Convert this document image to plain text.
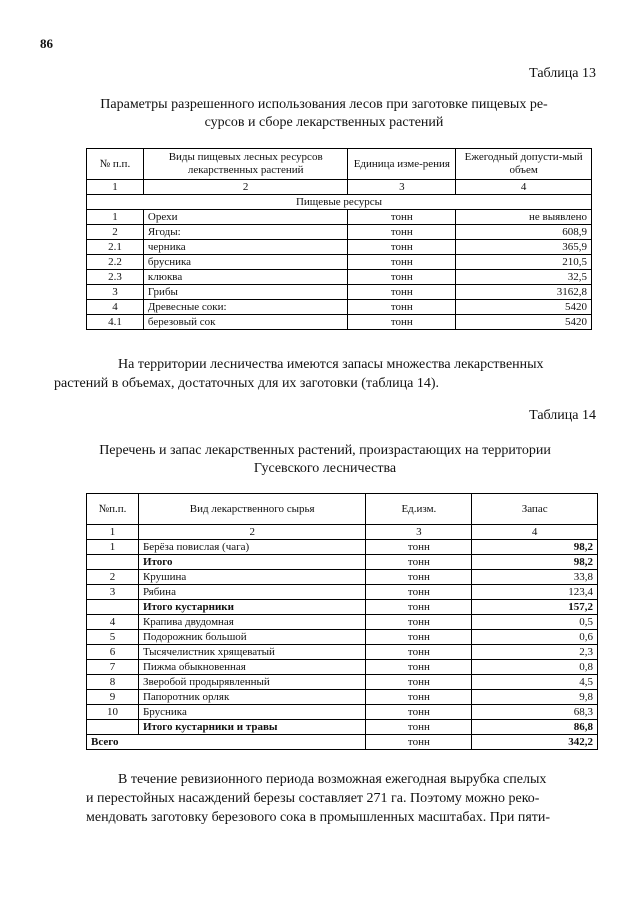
86
Таблица 13
Параметры разрешенного использования лесов при заготовке пищевых ре-
сурсов и сборе лекарственных растений
№ п.п.	Виды пищевых лесных ресурсов лекарственных растений	Единица изме-рения	Ежегодный допусти-мый объем
1	2	3	4
Пищевые ресурсы			
1	Орехи	тонн	не выявлено
2	Ягоды:	тонн	608,9
2.1	черника	тонн	365,9
2.2	брусника	тонн	210,5
2.3	клюква	тонн	32,5
3	Грибы	тонн	3162,8
4	Древесные соки:	тонн	5420
4.1	березовый сок	тонн	5420
На территории лесничества имеются запасы множества лекарственных
растений в объемах, достаточных для их заготовки (таблица 14).
Таблица 14
Перечень и запас лекарственных растений, произрастающих на территории
Гусевского лесничества
№п.п.	Вид лекарственного сырья	Ед.изм.	Запас
1	2	3	4
1	Берёза повислая (чага)	тонн	98,2
	Итого	тонн	98,2
2	Крушина	тонн	33,8
3	Рябина	тонн	123,4
	Итого кустарники	тонн	157,2
4	Крапива двудомная	тонн	0,5
5	Подорожник большой	тонн	0,6
6	Тысячелистник хрящеватый	тонн	2,3
7	Пижма обыкновенная	тонн	0,8
8	Зверобой продырявленный	тонн	4,5
9	Папоротник орляк	тонн	9,8
10	Брусника	тонн	68,3
	Итого кустарники и травы	тонн	86,8
Всего		тонн	342,2
В течение ревизионного периода возможная ежегодная вырубка спелых
и перестойных насаждений березы составляет 271 га. Поэтому можно реко-
мендовать заготовку березового сока в промышленных масштабах. При пяти-
